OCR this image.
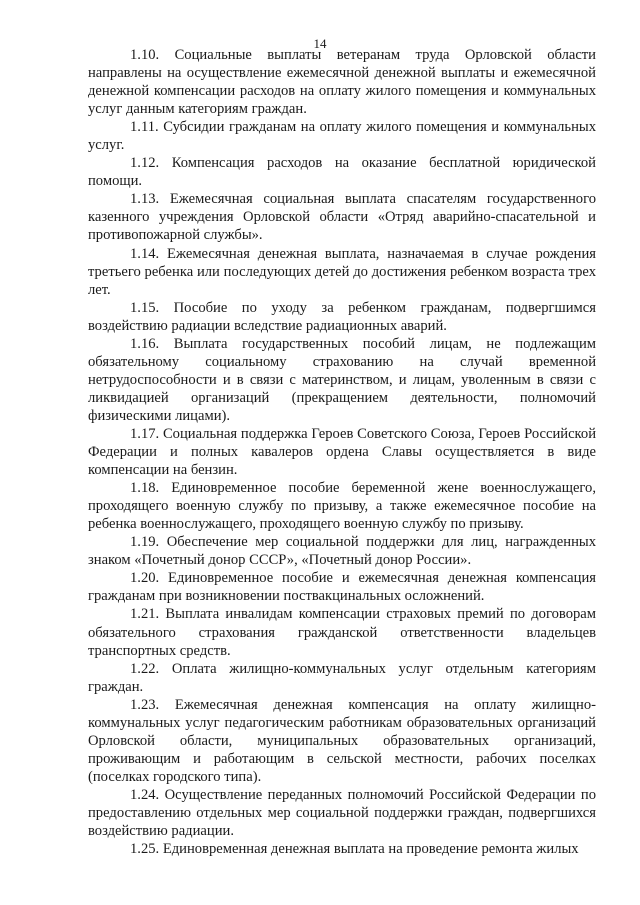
14

1.10. Социальные выплаты ветеранам труда Орловской области направлены на осуществление ежемесячной денежной выплаты и ежемесячной денежной компенсации расходов на оплату жилого помещения и коммунальных услуг данным категориям граждан.

1.11. Субсидии гражданам на оплату жилого помещения и коммунальных услуг.

1.12. Компенсация расходов на оказание бесплатной юридической помощи.

1.13. Ежемесячная социальная выплата спасателям государственного казенного учреждения Орловской области «Отряд аварийно-спасательной и противопожарной службы».

1.14. Ежемесячная денежная выплата, назначаемая в случае рождения третьего ребенка или последующих детей до достижения ребенком возраста трех лет.

1.15. Пособие по уходу за ребенком гражданам, подвергшимся воздействию радиации вследствие радиационных аварий.

1.16. Выплата государственных пособий лицам, не подлежащим обязательному социальному страхованию на случай временной нетрудоспособности и в связи с материнством, и лицам, уволенным в связи с ликвидацией организаций (прекращением деятельности, полномочий физическими лицами).

1.17. Социальная поддержка Героев Советского Союза, Героев Российской Федерации и полных кавалеров ордена Славы осуществляется в виде компенсации на бензин.

1.18. Единовременное пособие беременной жене военнослужащего, проходящего военную службу по призыву, а также ежемесячное пособие на ребенка военнослужащего, проходящего военную службу по призыву.

1.19. Обеспечение мер социальной поддержки для лиц, награжденных знаком «Почетный донор СССР», «Почетный донор России».

1.20. Единовременное пособие и ежемесячная денежная компенсация гражданам при возникновении поствакцинальных осложнений.

1.21. Выплата инвалидам компенсации страховых премий по договорам обязательного страхования гражданской ответственности владельцев транспортных средств.

1.22. Оплата жилищно-коммунальных услуг отдельным категориям граждан.

1.23. Ежемесячная денежная компенсация на оплату жилищно-коммунальных услуг педагогическим работникам образовательных организаций Орловской области, муниципальных образовательных организаций, проживающим и работающим в сельской местности, рабочих поселках (поселках городского типа).

1.24. Осуществление переданных полномочий Российской Федерации по предоставлению отдельных мер социальной поддержки граждан, подвергшихся воздействию радиации.

1.25. Единовременная денежная выплата на проведение ремонта жилых
